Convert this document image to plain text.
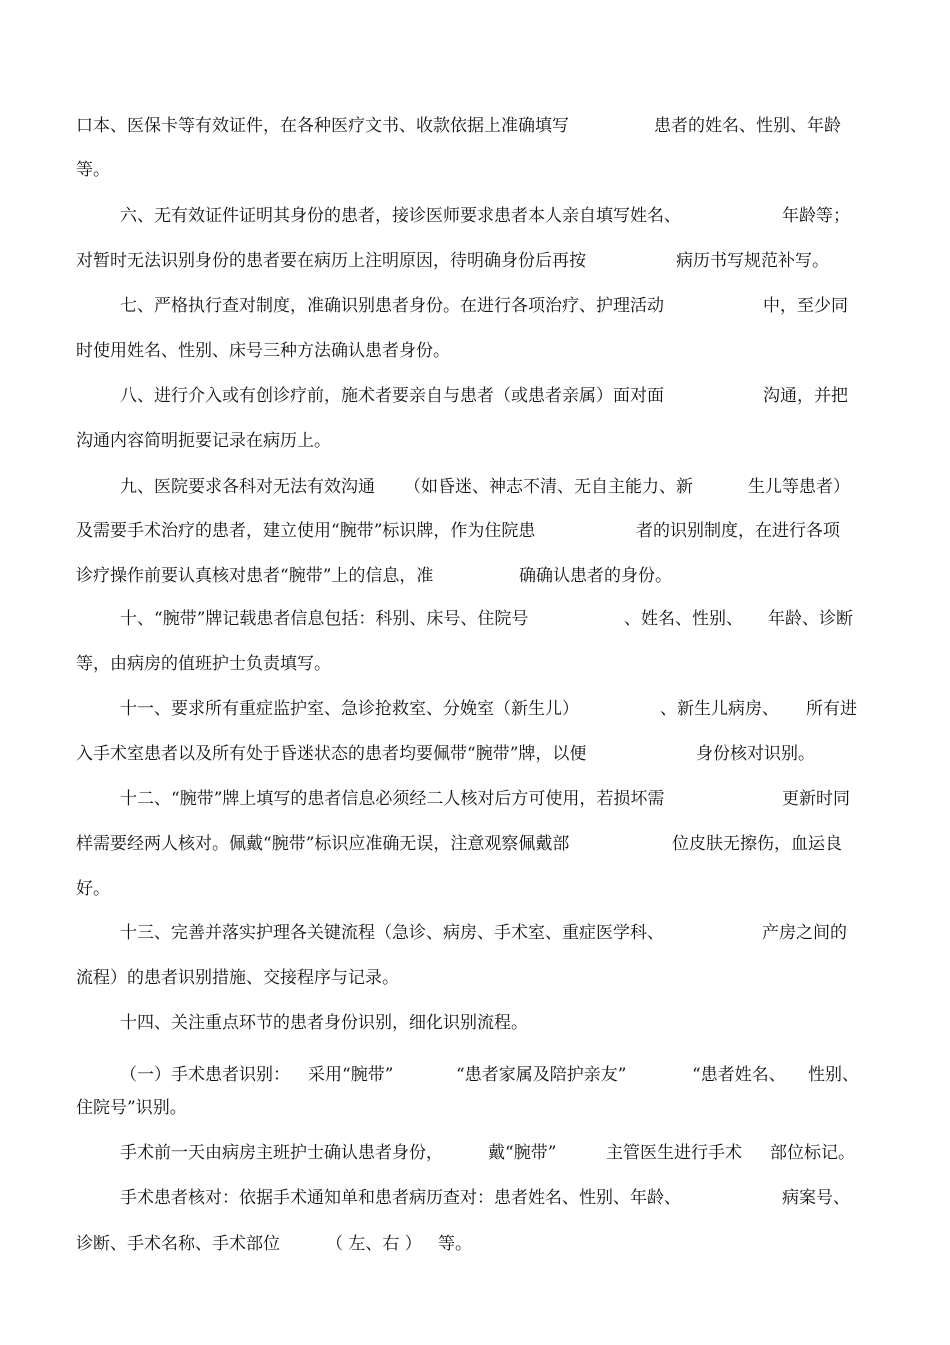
口本、医保卡等有效证件，在各种医疗文书、收款依据上准确填写	患者的姓名、性别、年龄
等。
六、无有效证件证明其身份的患者，接诊医师要求患者本人亲自填写姓名、	年龄等；
对暂时无法识别身份的患者要在病历上注明原因，待明确身份后再按	病历书写规范补写。
七、严格执行查对制度，准确识别患者身份。在进行各项治疗、护理活动	中，至少同
时使用姓名、性别、床号三种方法确认患者身份。
八、进行介入或有创诊疗前，施术者要亲自与患者（或患者亲属）面对面	沟通，并把
沟通内容简明扼要记录在病历上。
九、医院要求各科对无法有效沟通 （如昏迷、神志不清、无自主能力、新	生儿等患者）
及需要手术治疗的患者，建立使用“腕带”标识牌，作为住院患	者的识别制度，在进行各项
诊疗操作前要认真核对患者“腕带”上的信息，准	确确认患者的身份。
十、“腕带”牌记载患者信息包括：科别、床号、住院号	、姓名、性别、 年龄、诊断
等，由病房的值班护士负责填写。
十一、要求所有重症监护室、急诊抢救室、分娩室（新生儿）	、新生儿病房、 所有进
入手术室患者以及所有处于昏迷状态的患者均要佩带“腕带”牌，以便	身份核对识别。
十二、“腕带”牌上填写的患者信息必须经二人核对后方可使用，若损坏需	更新时同
样需要经两人核对。佩戴“腕带”标识应准确无误，注意观察佩戴部	位皮肤无擦伤，血运良
好。
十三、完善并落实护理各关键流程（急诊、病房、手术室、重症医学科、	产房之间的
流程）的患者识别措施、交接程序与记录。
十四、关注重点环节的患者身份识别，细化识别流程。
（一）手术患者识别： 采用“腕带”	“患者家属及陪护亲友”	“患者姓名、 性别、
住院号”识别。
手术前一天由病房主班护士确认患者身份，	戴“腕带”	主管医生进行手术 部位标记。
手术患者核对：依据手术通知单和患者病历查对：患者姓名、性别、年龄、	病案号、
诊断、手术名称、手术部位	（ 左、右 ） 等。
